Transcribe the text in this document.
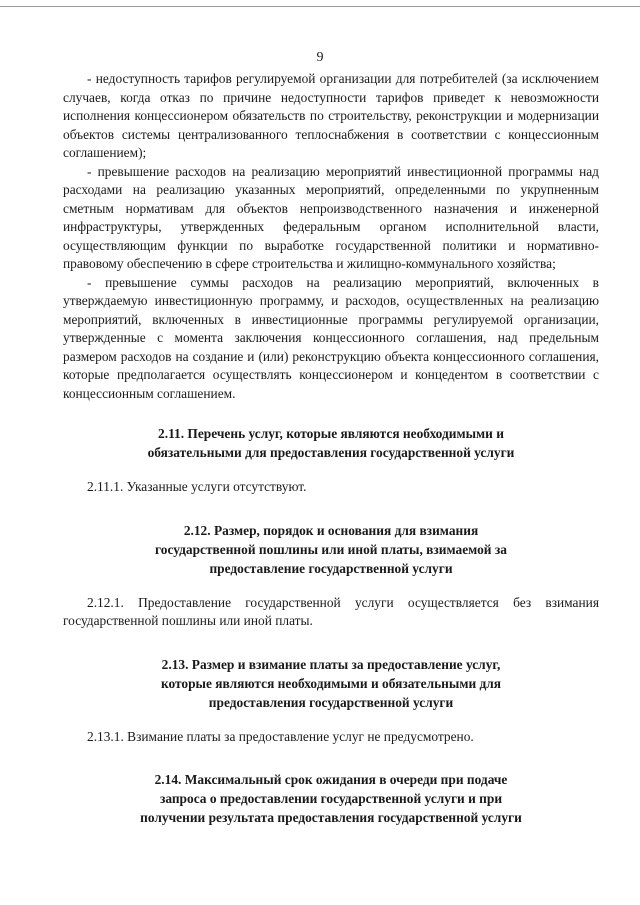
9

- недоступность тарифов регулируемой организации для потребителей (за исключением случаев, когда отказ по причине недоступности тарифов приведет к невозможности исполнения концессионером обязательств по строительству, реконструкции и модернизации объектов системы централизованного теплоснабжения в соответствии с концессионным соглашением);

- превышение расходов на реализацию мероприятий инвестиционной программы над расходами на реализацию указанных мероприятий, определенными по укрупненным сметным нормативам для объектов непроизводственного назначения и инженерной инфраструктуры, утвержденных федеральным органом исполнительной власти, осуществляющим функции по выработке государственной политики и нормативно-правовому обеспечению в сфере строительства и жилищно-коммунального хозяйства;

- превышение суммы расходов на реализацию мероприятий, включенных в утверждаемую инвестиционную программу, и расходов, осуществленных на реализацию мероприятий, включенных в инвестиционные программы регулируемой организации, утвержденные с момента заключения концессионного соглашения, над предельным размером расходов на создание и (или) реконструкцию объекта концессионного соглашения, которые предполагается осуществлять концессионером и концедентом в соответствии с концессионным соглашением.

2.11. Перечень услуг, которые являются необходимыми и
обязательными для предоставления государственной услуги

2.11.1. Указанные услуги отсутствуют.

2.12. Размер, порядок и основания для взимания
государственной пошлины или иной платы, взимаемой за
предоставление государственной услуги

2.12.1. Предоставление государственной услуги осуществляется без взимания государственной пошлины или иной платы.

2.13. Размер и взимание платы за предоставление услуг,
которые являются необходимыми и обязательными для
предоставления государственной услуги

2.13.1. Взимание платы за предоставление услуг не предусмотрено.

2.14. Максимальный срок ожидания в очереди при подаче
запроса о предоставлении государственной услуги и при
получении результата предоставления государственной услуги
